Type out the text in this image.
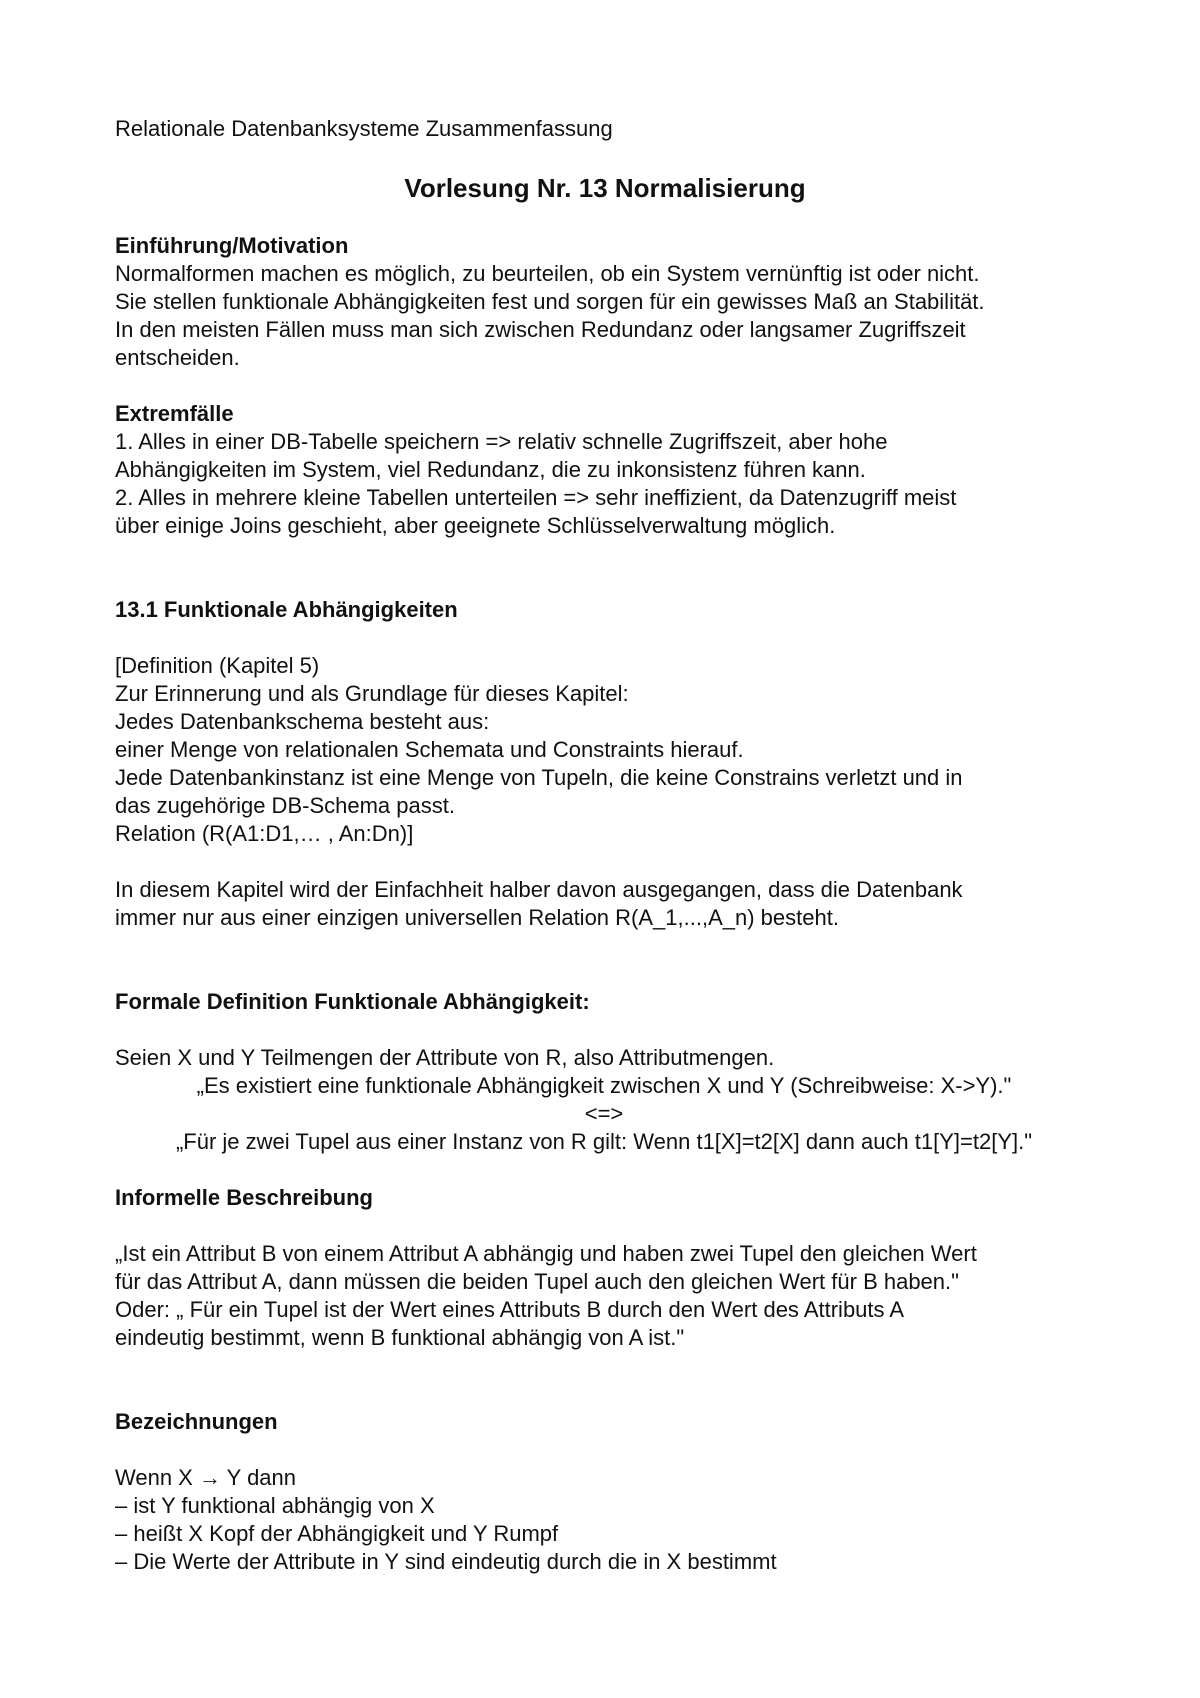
Relationale Datenbanksysteme Zusammenfassung
Vorlesung Nr. 13 Normalisierung
Einführung/Motivation
Normalformen machen es möglich, zu beurteilen, ob ein System vernünftig ist oder nicht.
Sie stellen funktionale Abhängigkeiten fest und sorgen für ein gewisses Maß an Stabilität.
In den meisten Fällen muss man sich zwischen Redundanz oder langsamer Zugriffszeit
entscheiden.
Extremfälle
1. Alles in einer DB-Tabelle speichern => relativ schnelle Zugriffszeit, aber hohe
Abhängigkeiten im System, viel Redundanz, die zu inkonsistenz führen kann.
2. Alles in mehrere kleine Tabellen unterteilen => sehr ineffizient, da Datenzugriff meist
über einige Joins geschieht, aber geeignete Schlüsselverwaltung möglich.
13.1 Funktionale Abhängigkeiten
[Definition (Kapitel 5)
Zur Erinnerung und als Grundlage für dieses Kapitel:
Jedes Datenbankschema besteht aus:
einer Menge von relationalen Schemata und Constraints hierauf.
Jede Datenbankinstanz ist eine Menge von Tupeln, die keine Constrains verletzt und in
das zugehörige DB-Schema passt.
Relation (R(A1:D1,… , An:Dn)]
In diesem Kapitel wird der Einfachheit halber davon ausgegangen, dass die Datenbank
immer nur aus einer einzigen universellen Relation R(A_1,...,A_n) besteht.
Formale Definition Funktionale Abhängigkeit:
Seien X und Y Teilmengen der Attribute von R, also Attributmengen.
„Es existiert eine funktionale Abhängigkeit zwischen X und Y (Schreibweise: X->Y)."
<=>
„Für je zwei Tupel aus einer Instanz von R gilt: Wenn t1[X]=t2[X] dann auch t1[Y]=t2[Y]."
Informelle Beschreibung
„Ist ein Attribut B von einem Attribut A abhängig und haben zwei Tupel den gleichen Wert
für das Attribut A, dann müssen die beiden Tupel auch den gleichen Wert für B haben."
Oder: „ Für ein Tupel ist der Wert eines Attributs B durch den Wert des Attributs A
eindeutig bestimmt, wenn B funktional abhängig von A ist."
Bezeichnungen
Wenn X → Y dann
– ist Y funktional abhängig von X
– heißt X Kopf der Abhängigkeit und Y Rumpf
– Die Werte der Attribute in Y sind eindeutig durch die in X bestimmt
